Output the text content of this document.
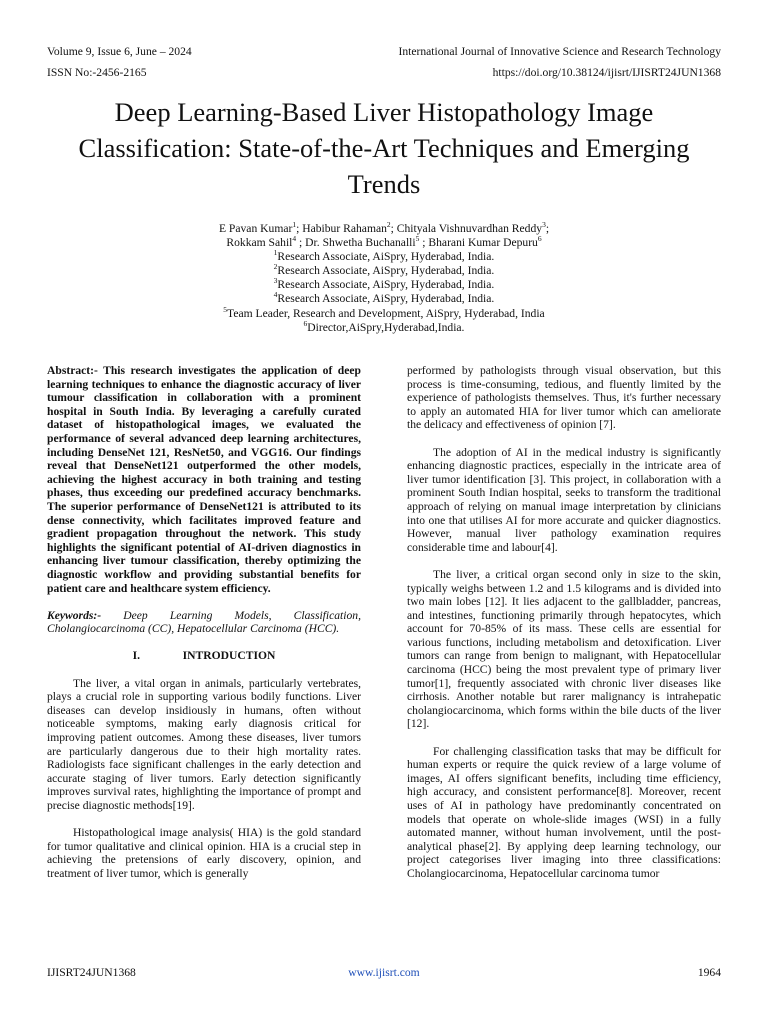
Volume 9, Issue 6, June – 2024	International Journal of Innovative Science and Research Technology
ISSN No:-2456-2165	https://doi.org/10.38124/ijisrt/IJISRT24JUN1368
Deep Learning-Based Liver Histopathology Image Classification: State-of-the-Art Techniques and Emerging Trends
E Pavan Kumar$^1$; Habibur Rahaman$^2$; Chityala Vishnuvardhan Reddy$^3$;
Rokkam Sahil$^4$ ; Dr. Shwetha Buchanalli$^5$ ; Bharani Kumar Depuru$^6$
$^1$Research Associate, AiSpry, Hyderabad, India.
$^2$Research Associate, AiSpry, Hyderabad, India.
$^3$Research Associate, AiSpry, Hyderabad, India.
$^4$Research Associate, AiSpry, Hyderabad, India.
$^5$Team Leader, Research and Development, AiSpry, Hyderabad, India
$^6$Director,AiSpry,Hyderabad,India.

Abstract:- This research investigates the application of deep learning techniques to enhance the diagnostic accuracy of liver tumour classification in collaboration with a prominent hospital in South India. By leveraging a carefully curated dataset of histopathological images, we evaluated the performance of several advanced deep learning architectures, including DenseNet 121, ResNet50, and VGG16. Our findings reveal that DenseNet121 outperformed the other models, achieving the highest accuracy in both training and testing phases, thus exceeding our predefined accuracy benchmarks. The superior performance of DenseNet121 is attributed to its dense connectivity, which facilitates improved feature and gradient propagation throughout the network. This study highlights the significant potential of AI-driven diagnostics in enhancing liver tumour classification, thereby optimizing the diagnostic workflow and providing substantial benefits for patient care and healthcare system efficiency.

Keywords:- Deep Learning Models, Classification, Cholangiocarcinoma (CC), Hepatocellular Carcinoma (HCC).

I.	INTRODUCTION

The liver, a vital organ in animals, particularly vertebrates, plays a crucial role in supporting various bodily functions. Liver diseases can develop insidiously in humans, often without noticeable symptoms, making early diagnosis critical for improving patient outcomes. Among these diseases, liver tumors are particularly dangerous due to their high mortality rates. Radiologists face significant challenges in the early detection and accurate staging of liver tumors. Early detection significantly improves survival rates, highlighting the importance of prompt and precise diagnostic methods[19].

Histopathological image analysis( HIA) is the gold standard for tumor qualitative and clinical opinion. HIA is a crucial step in achieving the pretensions of early discovery, opinion, and treatment of liver tumor, which is generally

performed by pathologists through visual observation, but this process is time-consuming, tedious, and fluently limited by the experience of pathologists themselves. Thus, it's further necessary to apply an automated HIA for liver tumor which can ameliorate the delicacy and effectiveness of opinion [7].

The adoption of AI in the medical industry is significantly enhancing diagnostic practices, especially in the intricate area of liver tumor identification [3]. This project, in collaboration with a prominent South Indian hospital, seeks to transform the traditional approach of relying on manual image interpretation by clinicians into one that utilises AI for more accurate and quicker diagnostics. However, manual liver pathology examination requires considerable time and labour[4].

The liver, a critical organ second only in size to the skin, typically weighs between 1.2 and 1.5 kilograms and is divided into two main lobes [12]. It lies adjacent to the gallbladder, pancreas, and intestines, functioning primarily through hepatocytes, which account for 70-85% of its mass. These cells are essential for various functions, including metabolism and detoxification. Liver tumors can range from benign to malignant, with Hepatocellular carcinoma (HCC) being the most prevalent type of primary liver tumor[1], frequently associated with chronic liver diseases like cirrhosis. Another notable but rarer malignancy is intrahepatic cholangiocarcinoma, which forms within the bile ducts of the liver [12].

For challenging classification tasks that may be difficult for human experts or require the quick review of a large volume of images, AI offers significant benefits, including time efficiency, high accuracy, and consistent performance[8]. Moreover, recent uses of AI in pathology have predominantly concentrated on models that operate on whole-slide images (WSI) in a fully automated manner, without human involvement, until the post-analytical phase[2]. By applying deep learning technology, our project categorises liver imaging into three classifications: Cholangiocarcinoma, Hepatocellular carcinoma tumor

IJISRT24JUN1368	www.ijisrt.com	1964
